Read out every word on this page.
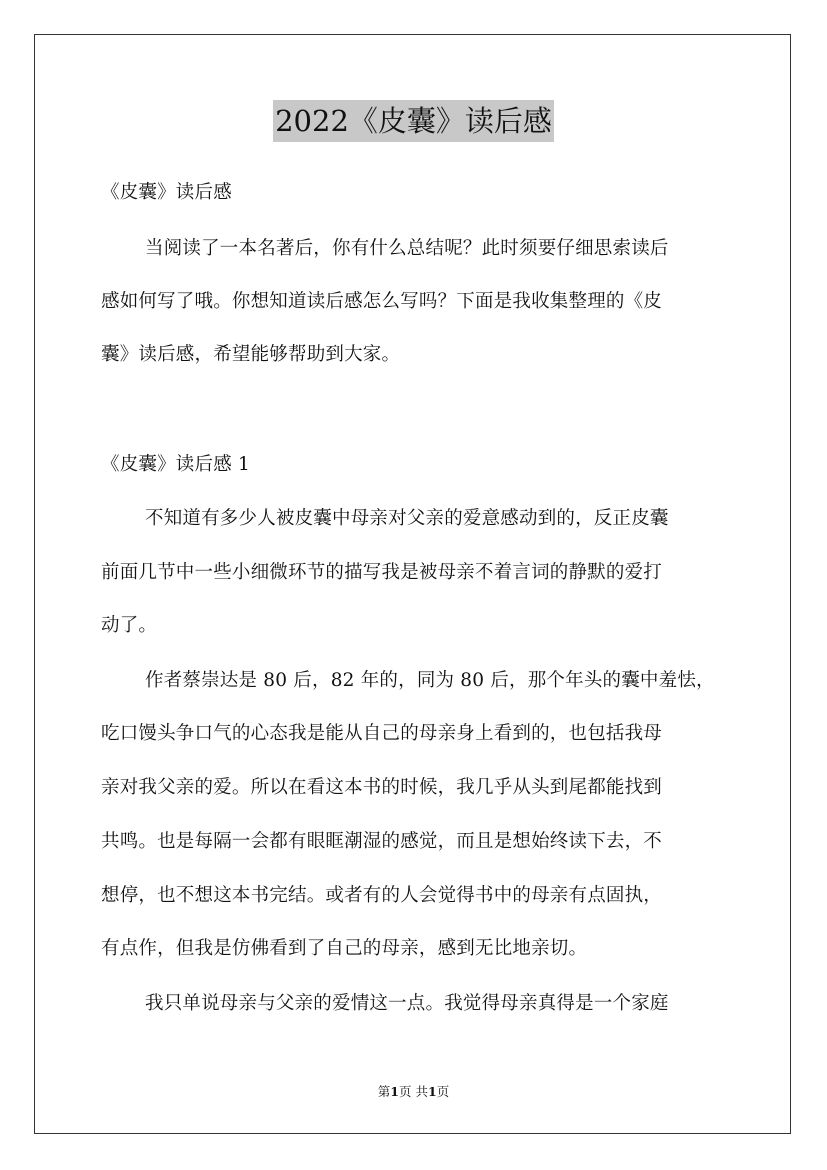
2022《皮囊》读后感
《皮囊》读后感
当阅读了一本名著后，你有什么总结呢？此时须要仔细思索读后
感如何写了哦。你想知道读后感怎么写吗？下面是我收集整理的《皮
囊》读后感，希望能够帮助到大家。
《皮囊》读后感 1
不知道有多少人被皮囊中母亲对父亲的爱意感动到的，反正皮囊
前面几节中一些小细微环节的描写我是被母亲不着言词的静默的爱打
动了。
作者蔡崇达是 80 后，82 年的，同为 80 后，那个年头的囊中羞怯，
吃口馒头争口气的心态我是能从自己的母亲身上看到的，也包括我母
亲对我父亲的爱。所以在看这本书的时候，我几乎从头到尾都能找到
共鸣。也是每隔一会都有眼眶潮湿的感觉，而且是想始终读下去，不
想停，也不想这本书完结。或者有的人会觉得书中的母亲有点固执，
有点作，但我是仿佛看到了自己的母亲，感到无比地亲切。
我只单说母亲与父亲的爱情这一点。我觉得母亲真得是一个家庭
第1页 共1页
